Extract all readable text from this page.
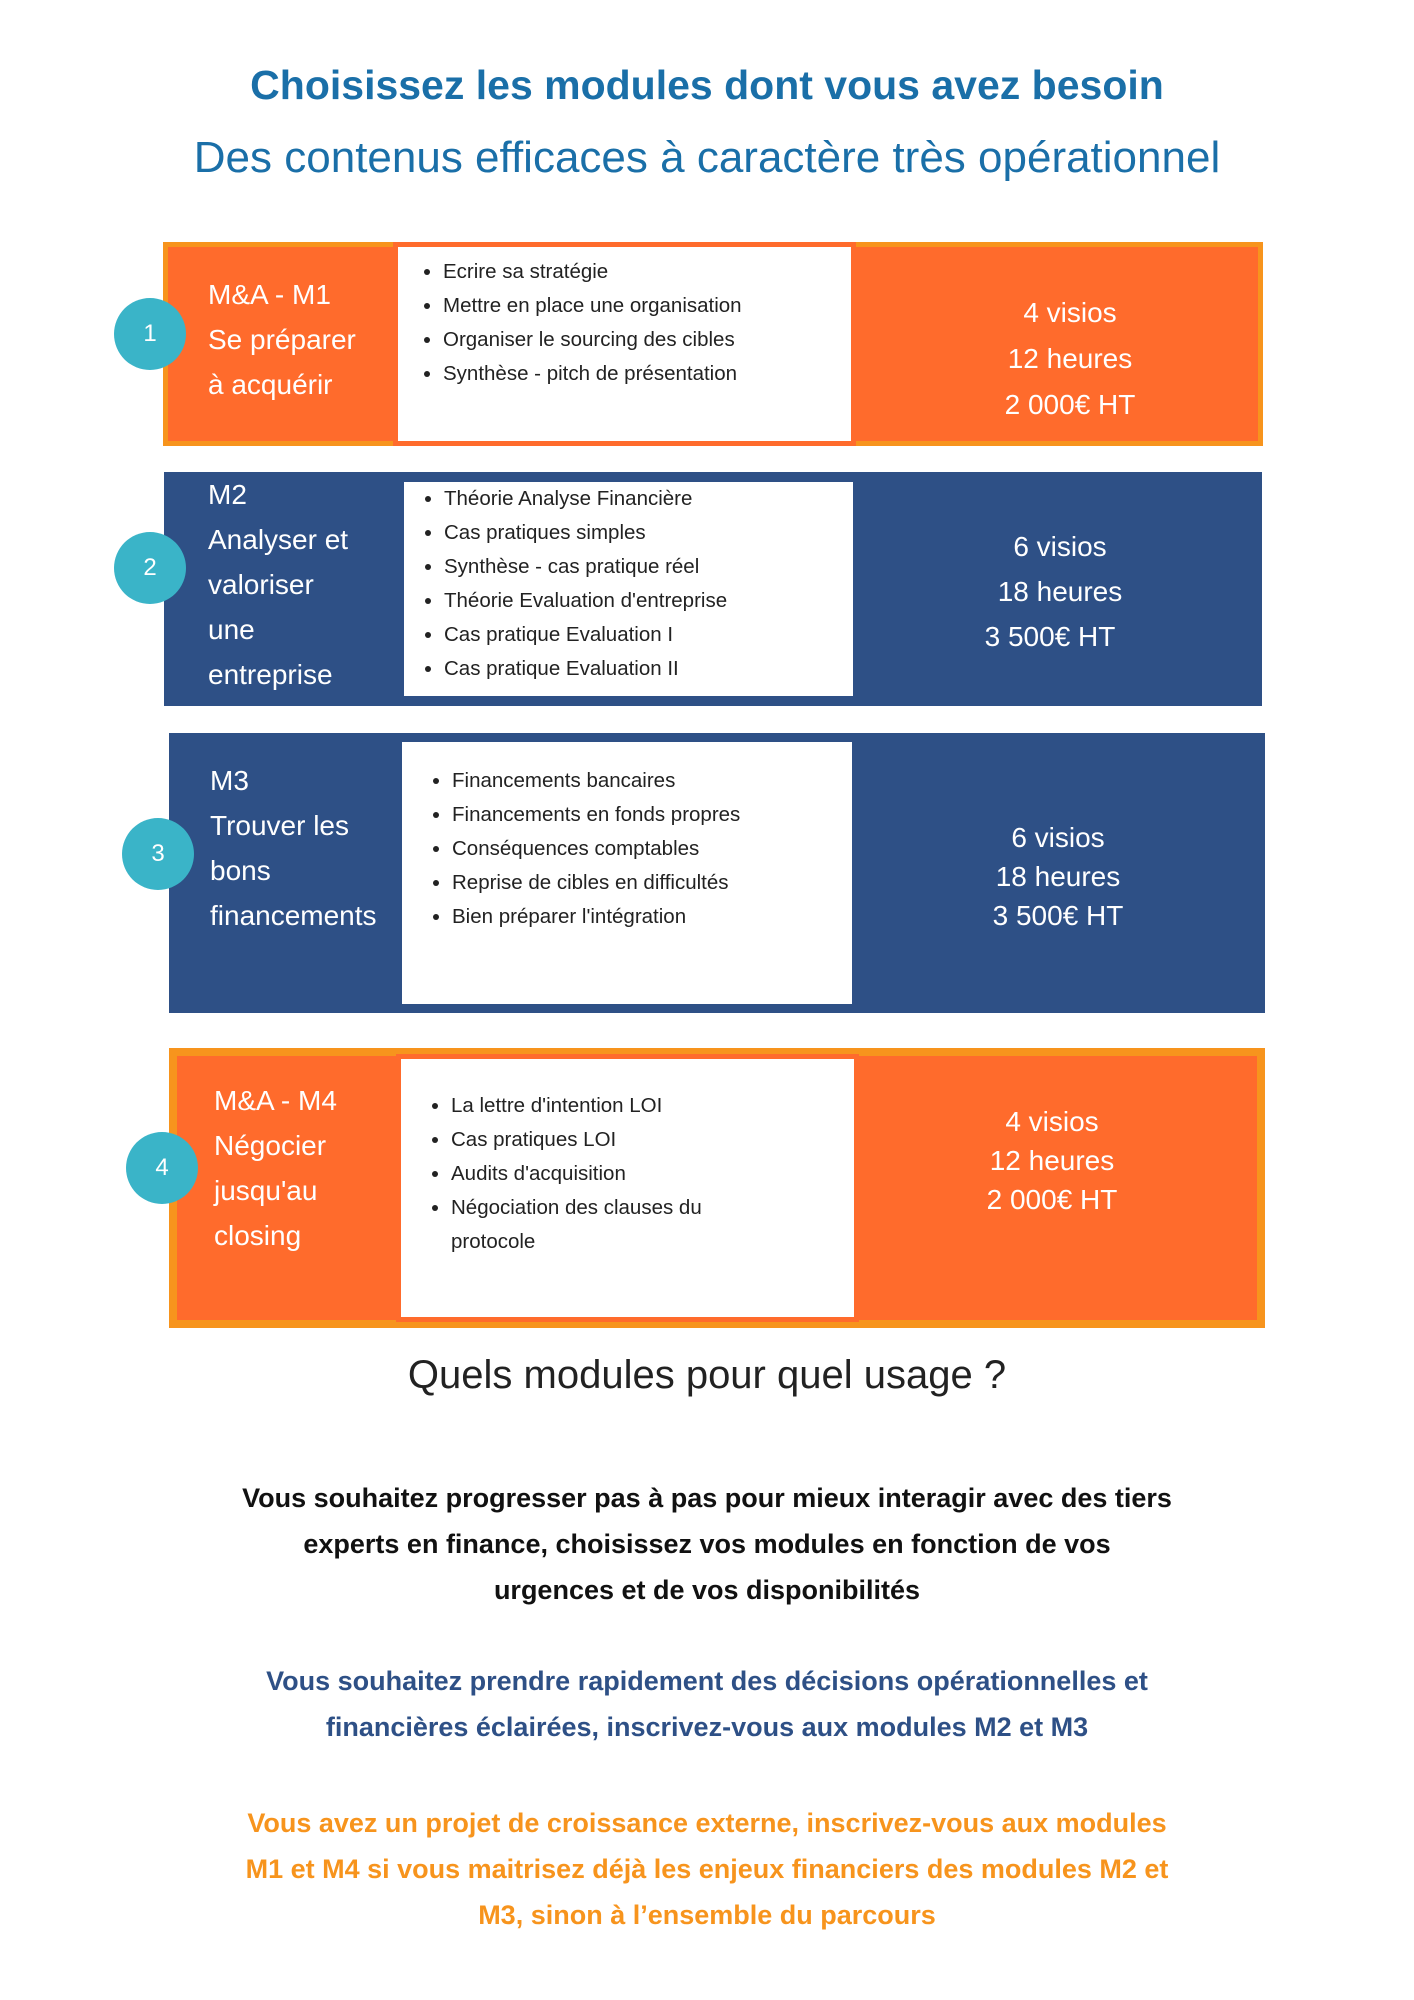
Choisissez les modules dont vous avez besoin
Des contenus efficaces à caractère très opérationnel
• Ecrire sa stratégie
• Mettre en place une organisation
• Organiser le sourcing des cibles
• Synthèse - pitch de présentation
M&A - M1
Se préparer
à acquérir
4 visios
12 heures
2 000€ HT
1
• Théorie Analyse Financière
• Cas pratiques simples
• Synthèse - cas pratique réel
• Théorie Evaluation d'entreprise
• Cas pratique Evaluation I
• Cas pratique Evaluation II
M2
Analyser et
valoriser
une
entreprise
6 visios
18 heures
3 500€ HT
2
• Financements bancaires
• Financements en fonds propres
• Conséquences comptables
• Reprise de cibles en difficultés
• Bien préparer l'intégration
M3
Trouver les
bons
financements
6 visios
18 heures
3 500€ HT
3
• La lettre d'intention LOI
• Cas pratiques LOI
• Audits d'acquisition
• Négociation des clauses du protocole
M&A - M4
Négocier
jusqu'au
closing
4 visios
12 heures
2 000€ HT
4
Quels modules pour quel usage ?
Vous souhaitez progresser pas à pas pour mieux interagir avec des tiers
experts en finance, choisissez vos modules en fonction de vos
urgences et de vos disponibilités
Vous souhaitez prendre rapidement des décisions opérationnelles et
financières éclairées, inscrivez-vous aux modules M2 et M3
Vous avez un projet de croissance externe, inscrivez-vous aux modules
M1 et M4 si vous maitrisez déjà les enjeux financiers des modules M2 et
M3, sinon à l’ensemble du parcours
